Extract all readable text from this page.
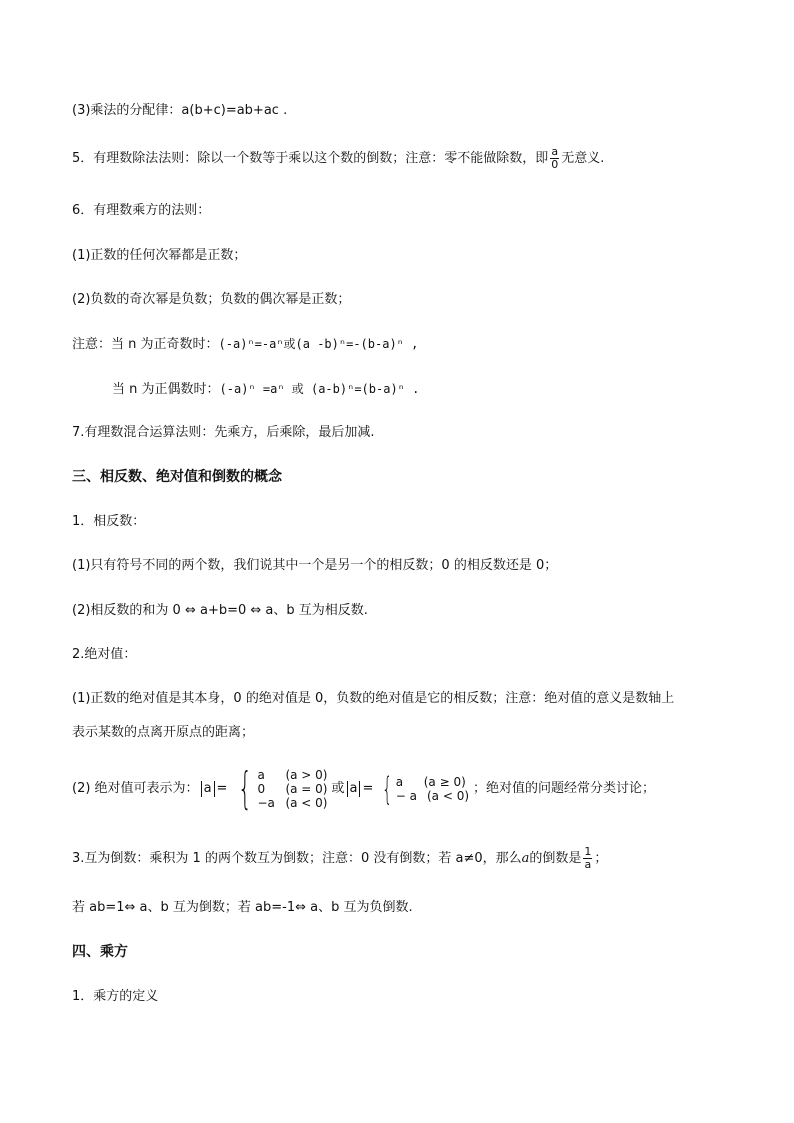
(3)乘法的分配律：a(b+c)=ab+ac .
5．有理数除法法则：除以一个数等于乘以这个数的倒数；注意：零不能做除数，即 $\frac{a}{0}$ 无意义.
6．有理数乘方的法则：
(1)正数的任何次幂都是正数；
(2)负数的奇次幂是负数；负数的偶次幂是正数；
注意：当 n 为正奇数时：(-a)ⁿ=-aⁿ或(a -b)ⁿ=-(b-a)ⁿ ,
当 n 为正偶数时：(-a)ⁿ =aⁿ 或 (a-b)ⁿ=(b-a)ⁿ .
7.有理数混合运算法则：先乘方，后乘除，最后加减.
三、相反数、绝对值和倒数的概念
1．相反数：
(1)只有符号不同的两个数，我们说其中一个是另一个的相反数；0 的相反数还是 0；
(2)相反数的和为 0 ⇔ a+b=0 ⇔ a、b 互为相反数.
2.绝对值：
(1)正数的绝对值是其本身，0 的绝对值是 0，负数的绝对值是它的相反数；注意：绝对值的意义是数轴上
表示某数的点离开原点的距离；
(2) 绝对值可表示为： a = { a	(a > 0)
0	(a = 0)
−a (a < 0)
或 a = { a	(a ≥ 0)
− a (a < 0) ；绝对值的问题经常分类讨论；
3.互为倒数：乘积为 1 的两个数互为倒数；注意：0 没有倒数；若 a≠0，那么a的倒数是 $\frac{1}{a}$ ；
若 ab=1⇔ a、b 互为倒数；若 ab=-1⇔ a、b 互为负倒数.
四、乘方
1．乘方的定义
